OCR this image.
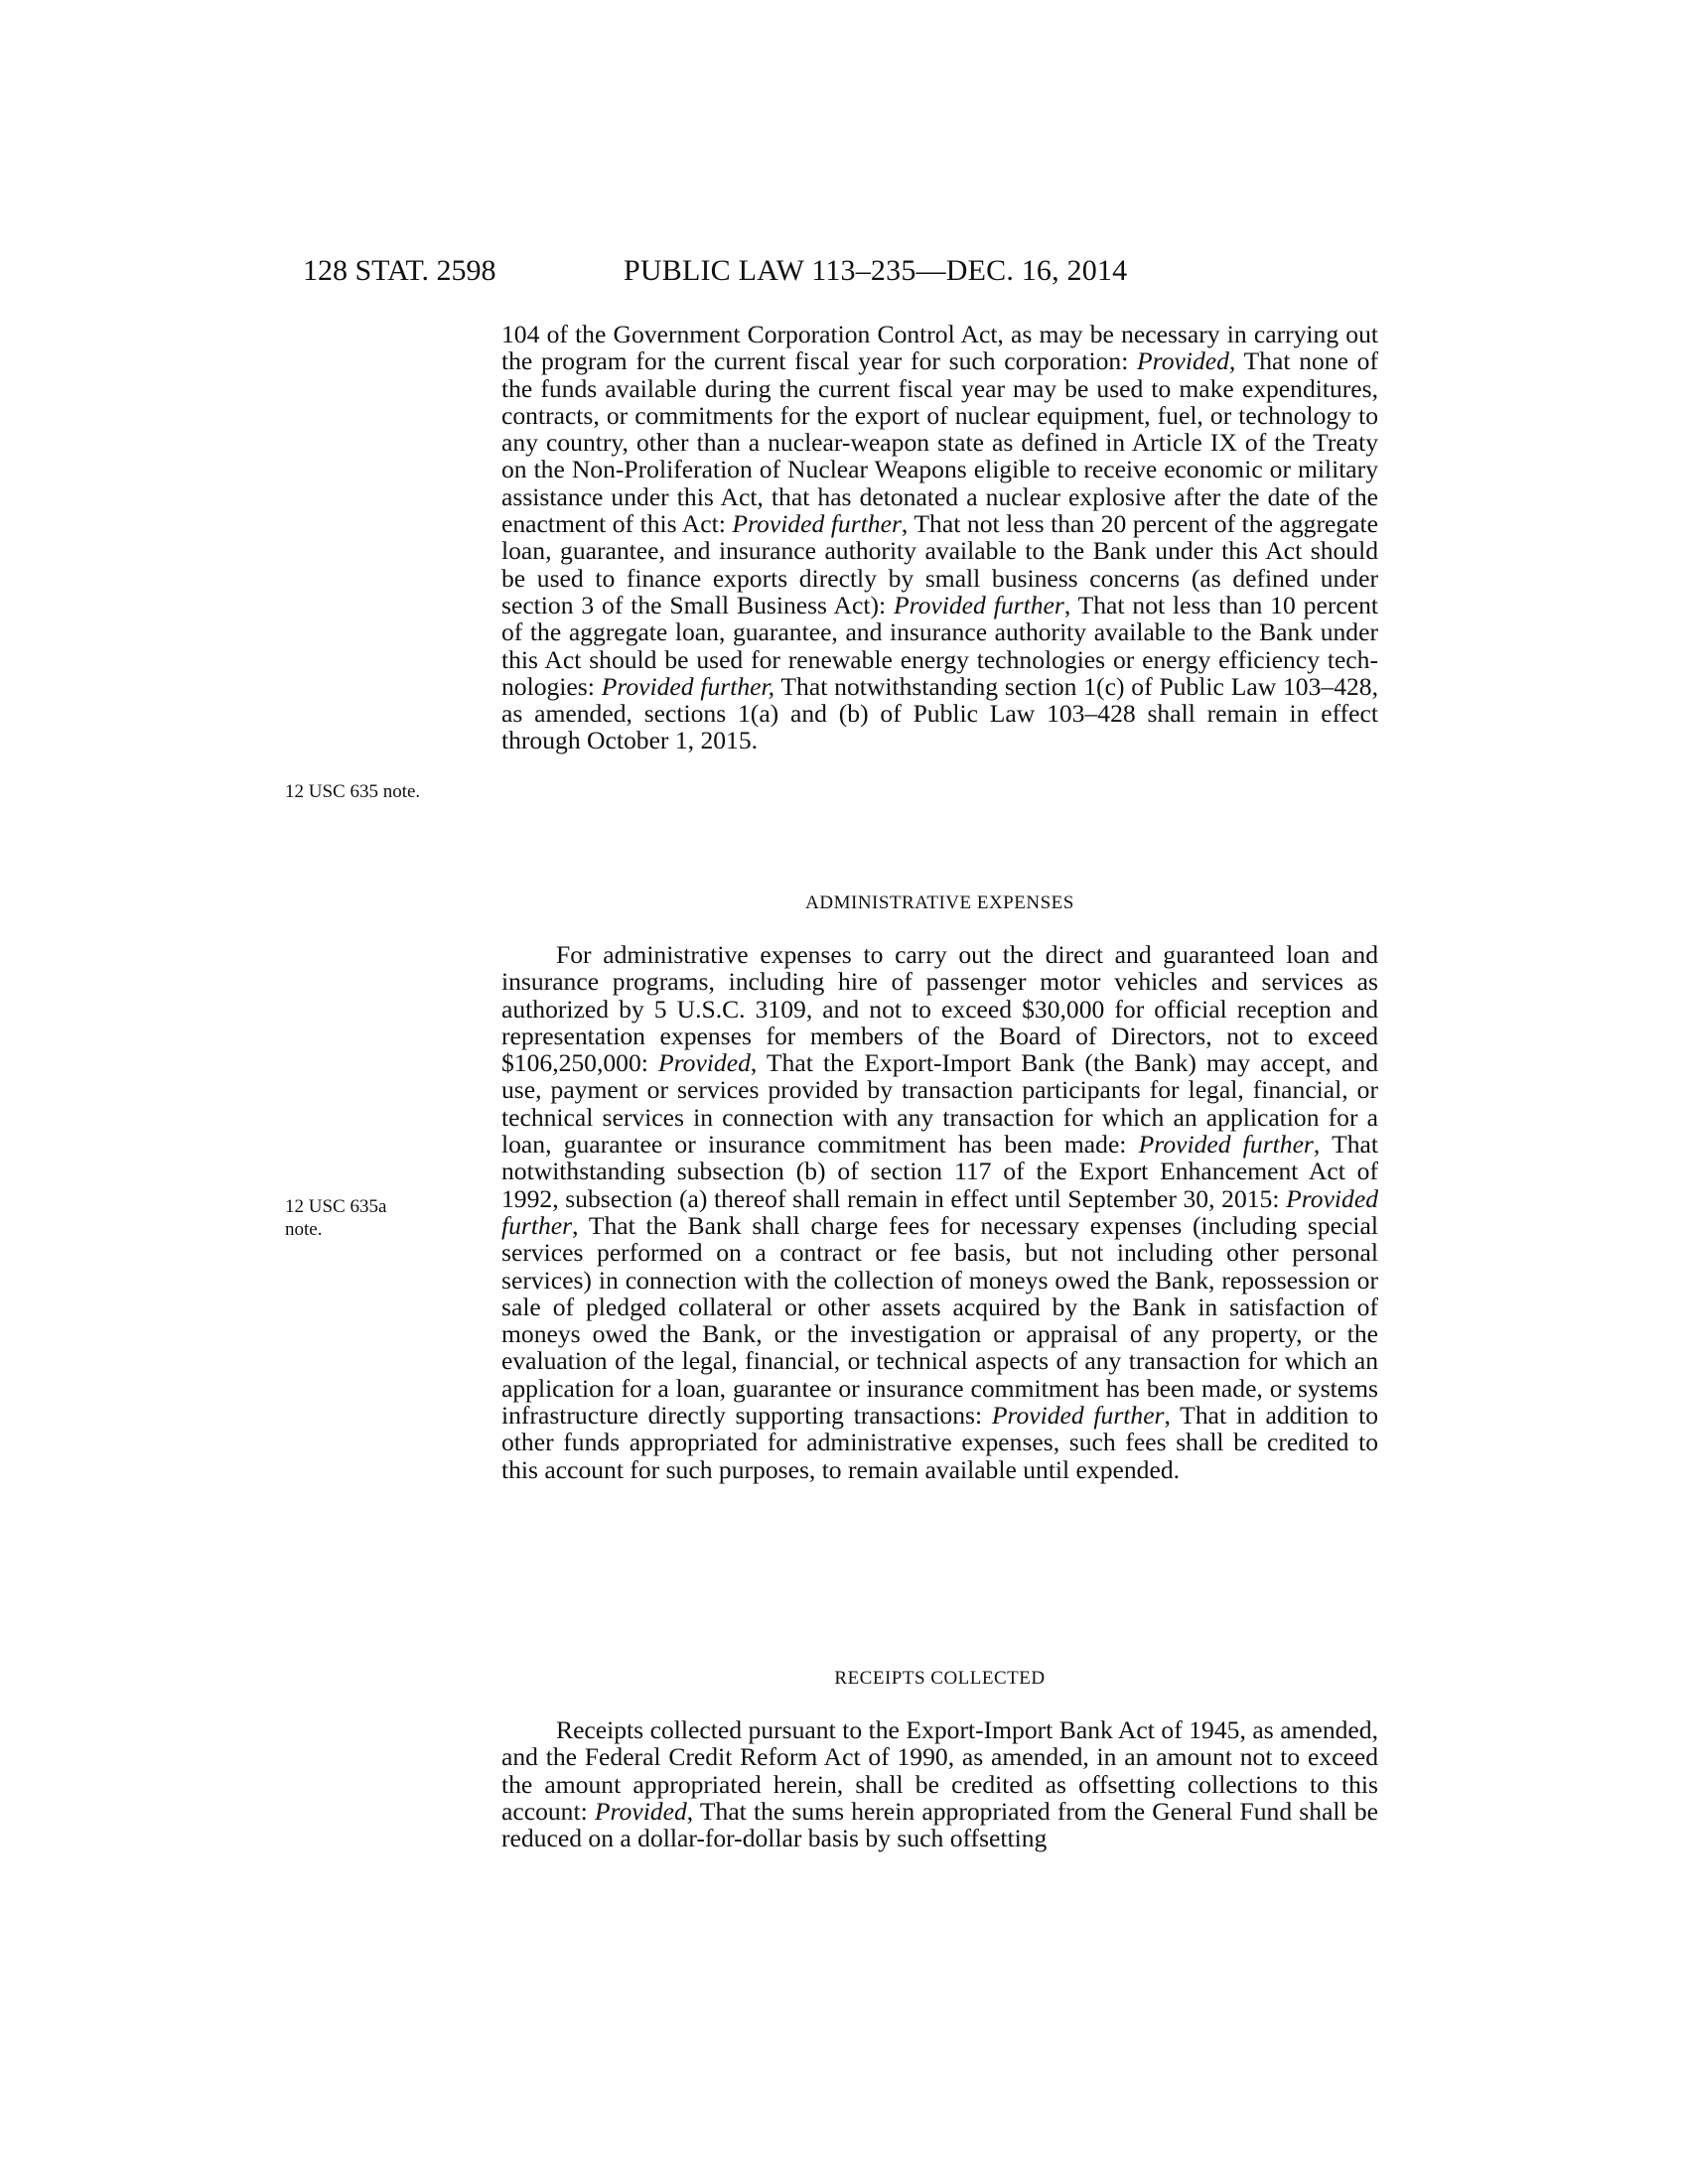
128 STAT. 2598	PUBLIC LAW 113–235—DEC. 16, 2014
12 USC 635 note.
12 USC 635a
note.

104 of the Government Corporation Control Act, as may be necessary in carrying out the program for the current fiscal year for such corporation: Provided, That none of the funds available during the current fiscal year may be used to make expenditures, contracts, or commitments for the export of nuclear equipment, fuel, or technology to any country, other than a nuclear-weapon state as defined in Article IX of the Treaty on the Non-Proliferation of Nuclear Weapons eligible to receive economic or military assistance under this Act, that has detonated a nuclear explosive after the date of the enactment of this Act: Provided further, That not less than 20 percent of the aggregate loan, guarantee, and insurance authority available to the Bank under this Act should be used to finance exports directly by small business concerns (as defined under section 3 of the Small Business Act): Provided further, That not less than 10 percent of the aggregate loan, guarantee, and insurance authority available to the Bank under this Act should be used for renewable energy technologies or energy efficiency technologies: Provided further, That notwithstanding section 1(c) of Public Law 103–428, as amended, sections 1(a) and (b) of Public Law 103–428 shall remain in effect through October 1, 2015.

ADMINISTRATIVE EXPENSES

For administrative expenses to carry out the direct and guaranteed loan and insurance programs, including hire of passenger motor vehicles and services as authorized by 5 U.S.C. 3109, and not to exceed $30,000 for official reception and representation expenses for members of the Board of Directors, not to exceed $106,250,000: Provided, That the Export-Import Bank (the Bank) may accept, and use, payment or services provided by transaction participants for legal, financial, or technical services in connection with any transaction for which an application for a loan, guarantee or insurance commitment has been made: Provided further, That notwithstanding subsection (b) of section 117 of the Export Enhancement Act of 1992, subsection (a) thereof shall remain in effect until September 30, 2015: Provided further, That the Bank shall charge fees for necessary expenses (including special services performed on a contract or fee basis, but not including other personal services) in connection with the collection of moneys owed the Bank, repossession or sale of pledged collateral or other assets acquired by the Bank in satisfaction of moneys owed the Bank, or the investigation or appraisal of any property, or the evaluation of the legal, financial, or technical aspects of any transaction for which an application for a loan, guarantee or insurance commitment has been made, or systems infrastructure directly supporting transactions: Provided further, That in addition to other funds appropriated for administrative expenses, such fees shall be credited to this account for such purposes, to remain available until expended.

RECEIPTS COLLECTED

Receipts collected pursuant to the Export-Import Bank Act of 1945, as amended, and the Federal Credit Reform Act of 1990, as amended, in an amount not to exceed the amount appropriated herein, shall be credited as offsetting collections to this account: Provided, That the sums herein appropriated from the General Fund shall be reduced on a dollar-for-dollar basis by such offsetting
